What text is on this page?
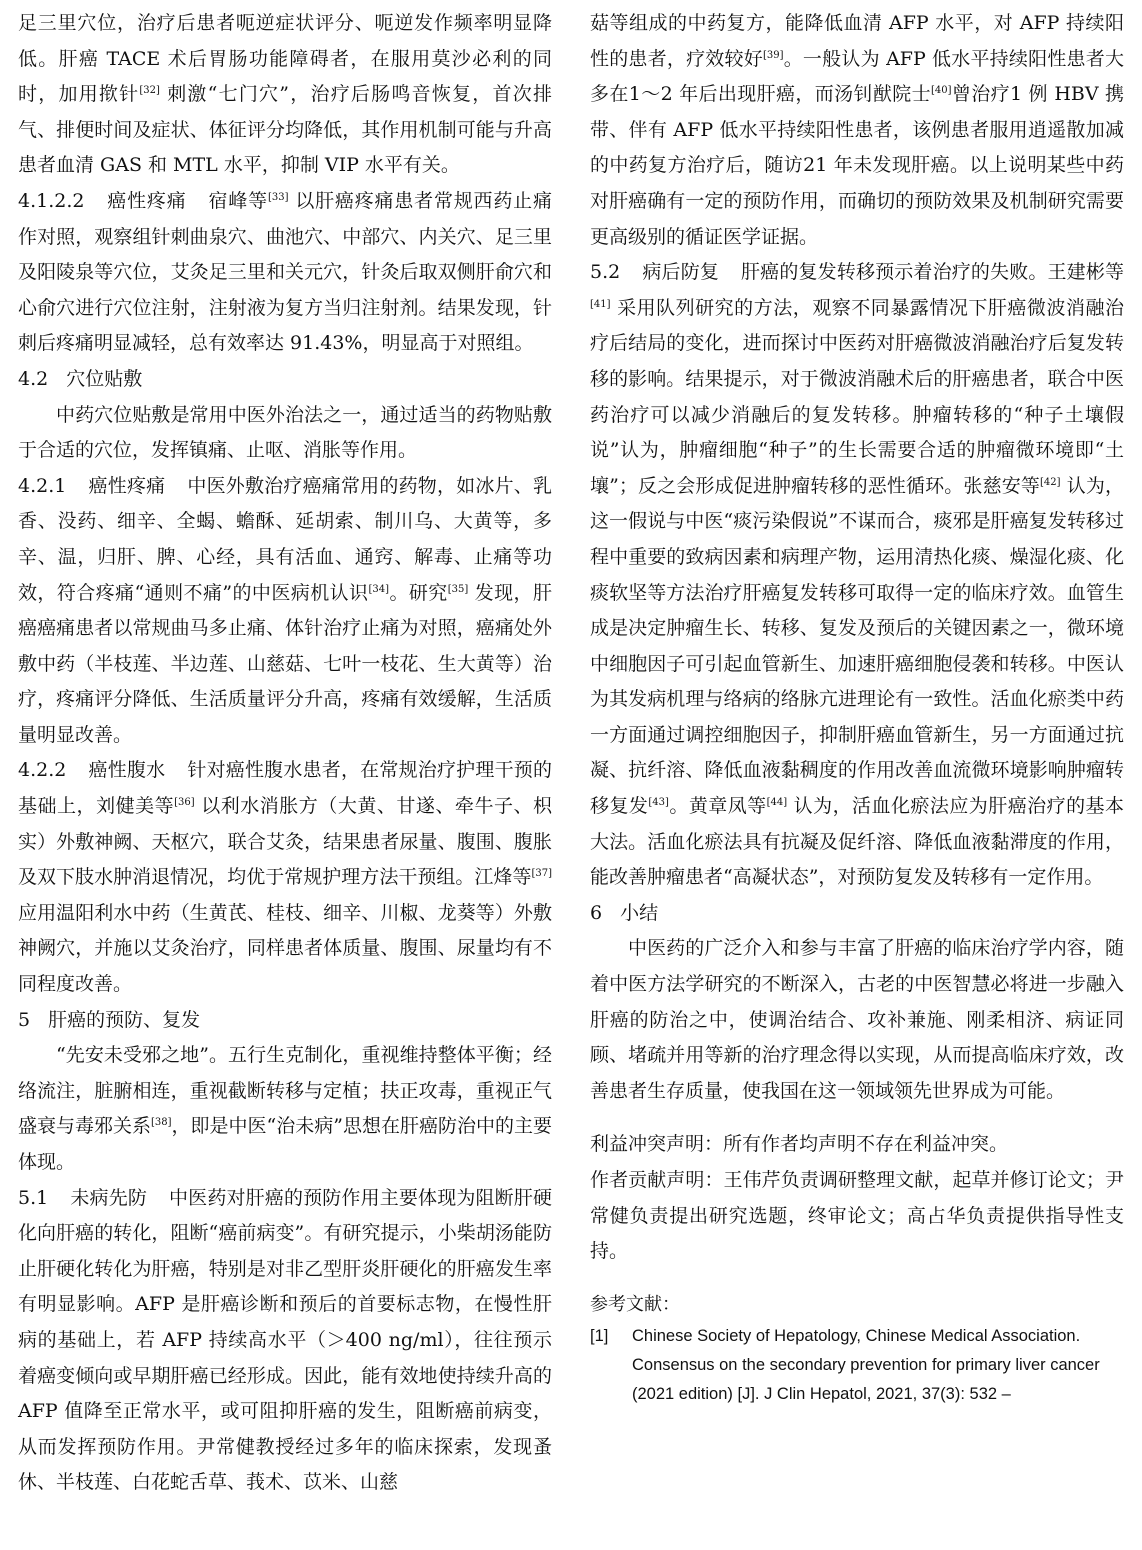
足三里穴位，治疗后患者呃逆症状评分、呃逆发作频率明显降低。肝癌 TACE 术后胃肠功能障碍者，在服用莫沙必利的同时，加用揿针[32] 刺激“七门穴”，治疗后肠鸣音恢复，首次排气、排便时间及症状、体征评分均降低，其作用机制可能与升高患者血清 GAS 和 MTL 水平，抑制 VIP 水平有关。

4.1.2.2 癌性疼痛 宿峰等[33] 以肝癌疼痛患者常规西药止痛作对照，观察组针刺曲泉穴、曲池穴、中部穴、内关穴、足三里及阳陵泉等穴位，艾灸足三里和关元穴，针灸后取双侧肝俞穴和心俞穴进行穴位注射，注射液为复方当归注射剂。结果发现，针刺后疼痛明显减轻，总有效率达 91.43%，明显高于对照组。

4.2 穴位贴敷

中药穴位贴敷是常用中医外治法之一，通过适当的药物贴敷于合适的穴位，发挥镇痛、止呕、消胀等作用。

4.2.1 癌性疼痛 中医外敷治疗癌痛常用的药物，如冰片、乳香、没药、细辛、全蝎、蟾酥、延胡索、制川乌、大黄等，多辛、温，归肝、脾、心经，具有活血、通窍、解毒、止痛等功效，符合疼痛“通则不痛”的中医病机认识[34]。研究[35] 发现，肝癌癌痛患者以常规曲马多止痛、体针治疗止痛为对照，癌痛处外敷中药（半枝莲、半边莲、山慈菇、七叶一枝花、生大黄等）治疗，疼痛评分降低、生活质量评分升高，疼痛有效缓解，生活质量明显改善。

4.2.2 癌性腹水 针对癌性腹水患者，在常规治疗护理干预的基础上，刘健美等[36] 以利水消胀方（大黄、甘遂、牵牛子、枳实）外敷神阙、天枢穴，联合艾灸，结果患者尿量、腹围、腹胀及双下肢水肿消退情况，均优于常规护理方法干预组。江烽等[37] 应用温阳利水中药（生黄芪、桂枝、细辛、川椒、龙葵等）外敷神阙穴，并施以艾灸治疗，同样患者体质量、腹围、尿量均有不同程度改善。

5 肝癌的预防、复发

“先安未受邪之地”。五行生克制化，重视维持整体平衡；经络流注，脏腑相连，重视截断转移与定植；扶正攻毒，重视正气盛衰与毒邪关系[38]，即是中医“治未病”思想在肝癌防治中的主要体现。

5.1 未病先防 中医药对肝癌的预防作用主要体现为阻断肝硬化向肝癌的转化，阻断“癌前病变”。有研究提示，小柴胡汤能防止肝硬化转化为肝癌，特别是对非乙型肝炎肝硬化的肝癌发生率有明显影响。AFP 是肝癌诊断和预后的首要标志物，在慢性肝病的基础上，若 AFP 持续高水平（＞400 ng/ml），往往预示着癌变倾向或早期肝癌已经形成。因此，能有效地使持续升高的 AFP 值降至正常水平，或可阻抑肝癌的发生，阻断癌前病变，从而发挥预防作用。尹常健教授经过多年的临床探索，发现蚤休、半枝莲、白花蛇舌草、莪术、苡米、山慈

菇等组成的中药复方，能降低血清 AFP 水平，对 AFP 持续阳性的患者，疗效较好[39]。一般认为 AFP 低水平持续阳性患者大多在1～2 年后出现肝癌，而汤钊猷院士[40]曾治疗1 例 HBV 携带、伴有 AFP 低水平持续阳性患者，该例患者服用逍遥散加减的中药复方治疗后，随访21 年未发现肝癌。以上说明某些中药对肝癌确有一定的预防作用，而确切的预防效果及机制研究需要更高级别的循证医学证据。

5.2 病后防复 肝癌的复发转移预示着治疗的失败。王建彬等[41] 采用队列研究的方法，观察不同暴露情况下肝癌微波消融治疗后结局的变化，进而探讨中医药对肝癌微波消融治疗后复发转移的影响。结果提示，对于微波消融术后的肝癌患者，联合中医药治疗可以减少消融后的复发转移。肿瘤转移的“种子土壤假说”认为，肿瘤细胞“种子”的生长需要合适的肿瘤微环境即“土壤”；反之会形成促进肿瘤转移的恶性循环。张慈安等[42] 认为，这一假说与中医“痰污染假说”不谋而合，痰邪是肝癌复发转移过程中重要的致病因素和病理产物，运用清热化痰、燥湿化痰、化痰软坚等方法治疗肝癌复发转移可取得一定的临床疗效。血管生成是决定肿瘤生长、转移、复发及预后的关键因素之一，微环境中细胞因子可引起血管新生、加速肝癌细胞侵袭和转移。中医认为其发病机理与络病的络脉亢进理论有一致性。活血化瘀类中药一方面通过调控细胞因子，抑制肝癌血管新生，另一方面通过抗凝、抗纤溶、降低血液黏稠度的作用改善血流微环境影响肿瘤转移复发[43]。黄章凤等[44] 认为，活血化瘀法应为肝癌治疗的基本大法。活血化瘀法具有抗凝及促纤溶、降低血液黏滞度的作用，能改善肿瘤患者“高凝状态”，对预防复发及转移有一定作用。

6 小结

中医药的广泛介入和参与丰富了肝癌的临床治疗学内容，随着中医方法学研究的不断深入，古老的中医智慧必将进一步融入肝癌的防治之中，使调治结合、攻补兼施、刚柔相济、病证同顾、堵疏并用等新的治疗理念得以实现，从而提高临床疗效，改善患者生存质量，使我国在这一领域领先世界成为可能。

利益冲突声明：所有作者均声明不存在利益冲突。

作者贡献声明：王伟芹负责调研整理文献，起草并修订论文；尹常健负责提出研究选题，终审论文；高占华负责提供指导性支持。

参考文献：

[1]	Chinese Society of Hepatology, Chinese Medical Association. Consensus on the secondary prevention for primary liver cancer (2021 edition) [J]. J Clin Hepatol, 2021, 37(3): 532 –
